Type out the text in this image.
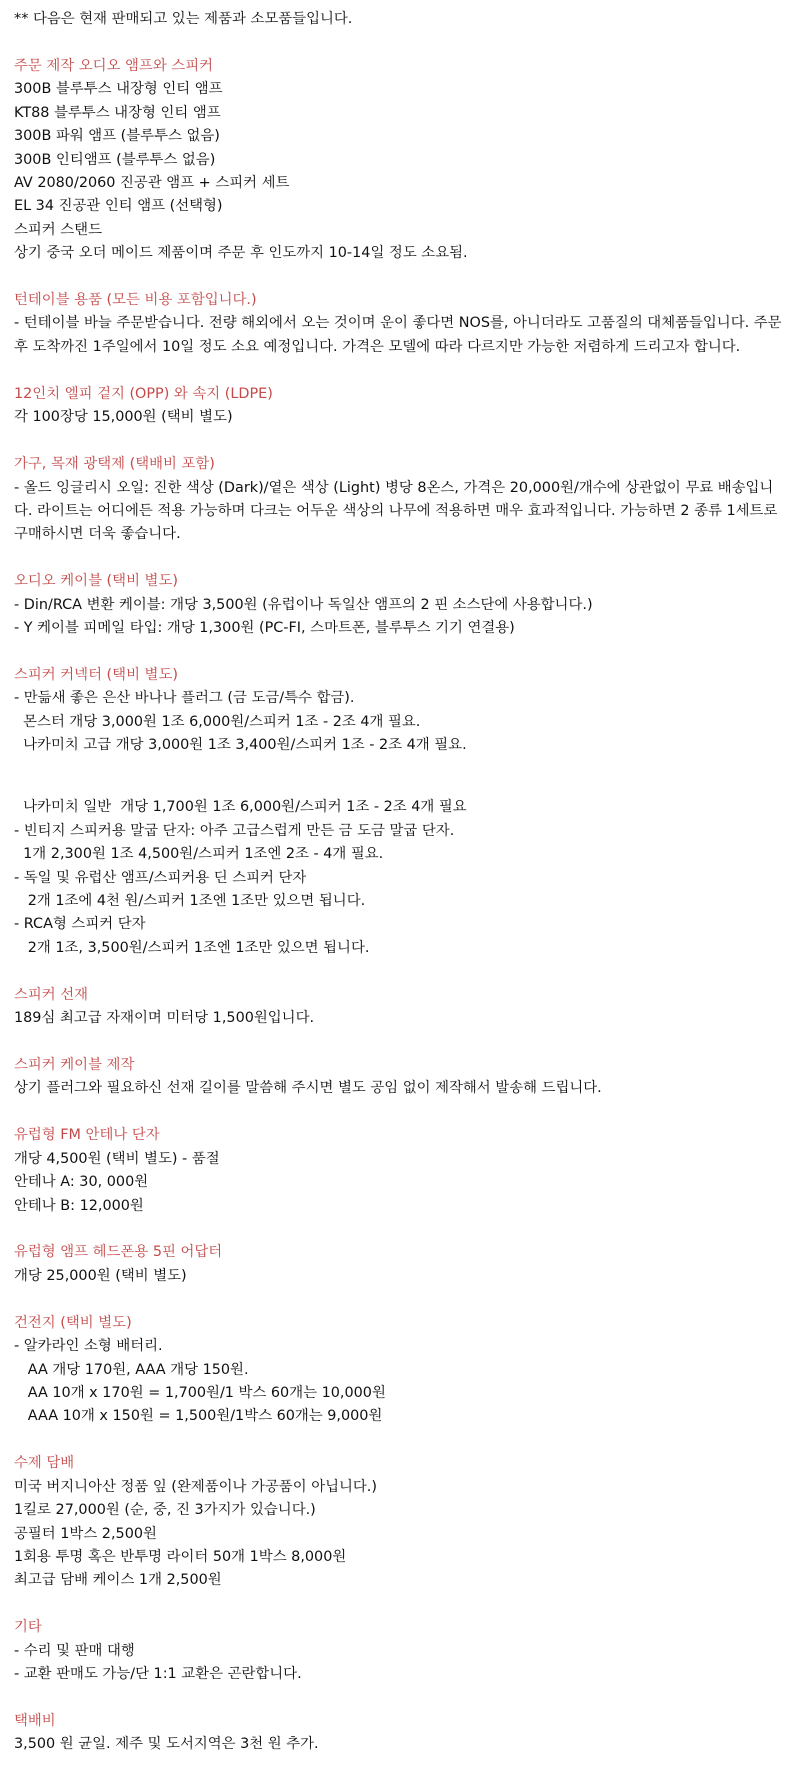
** 다음은 현재 판매되고 있는 제품과 소모품들입니다.

주문 제작 오디오 앰프와 스피커

300B 블루투스 내장형 인티 앰프

KT88 블루투스 내장형 인티 앰프

300B 파워 앰프 (블루투스 없음)

300B 인티앰프 (블루투스 없음)

AV 2080/2060 진공관 앰프 + 스피커 세트

EL 34 진공관 인티 앰프 (선택형)

스피커 스탠드

상기 중국 오더 메이드 제품이며 주문 후 인도까지 10-14일 정도 소요됨.

턴테이블 용품 (모든 비용 포함입니다.)

- 턴테이블 바늘 주문받습니다. 전량 해외에서 오는 것이며 운이 좋다면 NOS를, 아니더라도 고품질의 대체품들입니다. 주문 후 도착까진 1주일에서 10일 정도 소요 예정입니다. 가격은 모델에 따라 다르지만 가능한 저렴하게 드리고자 합니다.

12인치 엘피 겉지 (OPP) 와 속지 (LDPE)

각 100장당 15,000원 (택비 별도)

가구, 목재 광택제 (택배비 포함)

- 올드 잉글리시 오일: 진한 색상 (Dark)/옅은 색상 (Light) 병당 8온스, 가격은 20,000원/개수에 상관없이 무료 배송입니다. 라이트는 어디에든 적용 가능하며 다크는 어두운 색상의 나무에 적용하면 매우 효과적입니다. 가능하면 2 종류 1세트로 구매하시면 더욱 좋습니다.

오디오 케이블 (택비 별도)

- Din/RCA 변환 케이블: 개당 3,500원 (유럽이나 독일산 앰프의 2 핀 소스단에 사용합니다.)

- Y 케이블 피메일 타입: 개당 1,300원 (PC-FI, 스마트폰, 블루투스 기기 연결용)

스피커 커넥터 (택비 별도)

- 만듦새 좋은 은산 바나나 플러그 (금 도금/특수 합금).

몬스터 개당 3,000원 1조 6,000원/스피커 1조 - 2조 4개 필요.

나카미치 고급 개당 3,000원 1조 3,400원/스피커 1조 - 2조 4개 필요.

나카미치 일반  개당 1,700원 1조 6,000원/스피커 1조 - 2조 4개 필요

- 빈티지 스피커용 말굽 단자: 아주 고급스럽게 만든 금 도금 말굽 단자.

1개 2,300원 1조 4,500원/스피커 1조엔 2조 - 4개 필요.

- 독일 및 유럽산 앰프/스피커용 딘 스피커 단자

2개 1조에 4천 원/스피커 1조엔 1조만 있으면 됩니다.

- RCA형 스피커 단자

2개 1조, 3,500원/스피커 1조엔 1조만 있으면 됩니다.

스피커 선재

189심 최고급 자재이며 미터당 1,500원입니다.

스피커 케이블 제작

상기 플러그와 필요하신 선재 길이를 말씀해 주시면 별도 공임 없이 제작해서 발송해 드립니다.

유럽형 FM 안테나 단자

개당 4,500원 (택비 별도) - 품절

안테나 A: 30, 000원

안테나 B: 12,000원

유럽형 앰프 헤드폰용 5핀 어답터

개당 25,000원 (택비 별도)

건전지 (택비 별도)

- 알카라인 소형 배터리.

AA 개당 170원, AAA 개당 150원.

AA 10개 x 170원 = 1,700원/1 박스 60개는 10,000원

AAA 10개 x 150원 = 1,500원/1박스 60개는 9,000원

수제 담배

미국 버지니아산 정품 잎 (완제품이나 가공품이 아닙니다.)

1킬로 27,000원 (순, 중, 진 3가지가 있습니다.)

공필터 1박스 2,500원

1회용 투명 혹은 반투명 라이터 50개 1박스 8,000원

최고급 담배 케이스 1개 2,500원

기타

- 수리 및 판매 대행

- 교환 판매도 가능/단 1:1 교환은 곤란합니다.

택배비

3,500 원 균일. 제주 및 도서지역은 3천 원 추가.
